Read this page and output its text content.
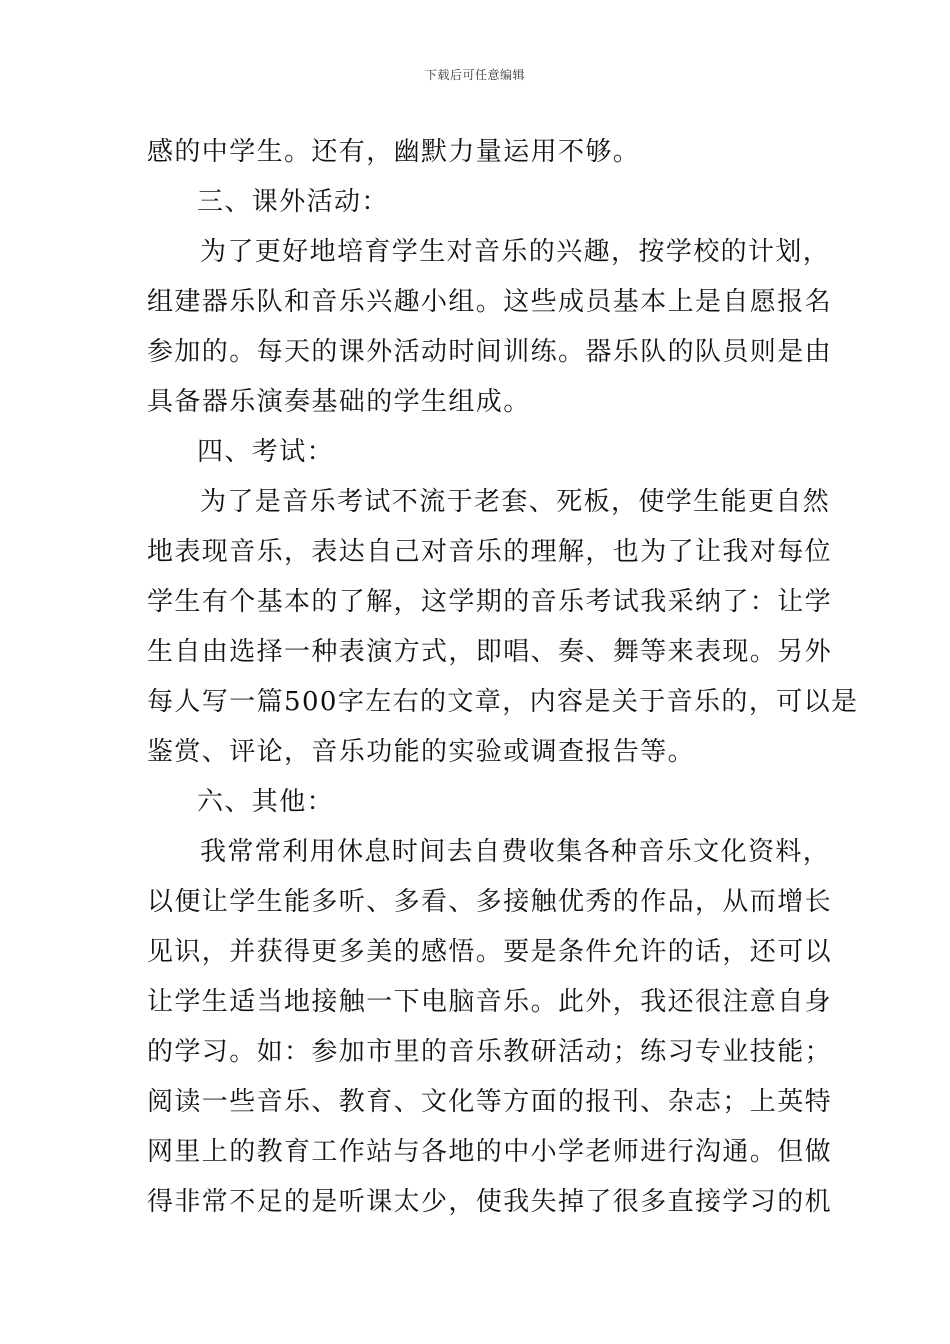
下载后可任意编辑
感的中学生。还有，幽默力量运用不够。
三、课外活动：
为了更好地培育学生对音乐的兴趣，按学校的计划，
组建器乐队和音乐兴趣小组。这些成员基本上是自愿报名
参加的。每天的课外活动时间训练。器乐队的队员则是由
具备器乐演奏基础的学生组成。
四、考试：
为了是音乐考试不流于老套、死板，使学生能更自然
地表现音乐，表达自己对音乐的理解，也为了让我对每位
学生有个基本的了解，这学期的音乐考试我采纳了：让学
生自由选择一种表演方式，即唱、奏、舞等来表现。另外
每人写一篇500字左右的文章，内容是关于音乐的，可以是
鉴赏、评论，音乐功能的实验或调查报告等。
六、其他：
我常常利用休息时间去自费收集各种音乐文化资料，
以便让学生能多听、多看、多接触优秀的作品，从而增长
见识，并获得更多美的感悟。要是条件允许的话，还可以
让学生适当地接触一下电脑音乐。此外，我还很注意自身
的学习。如：参加市里的音乐教研活动；练习专业技能；
阅读一些音乐、教育、文化等方面的报刊、杂志；上英特
网里上的教育工作站与各地的中小学老师进行沟通。但做
得非常不足的是听课太少，使我失掉了很多直接学习的机
